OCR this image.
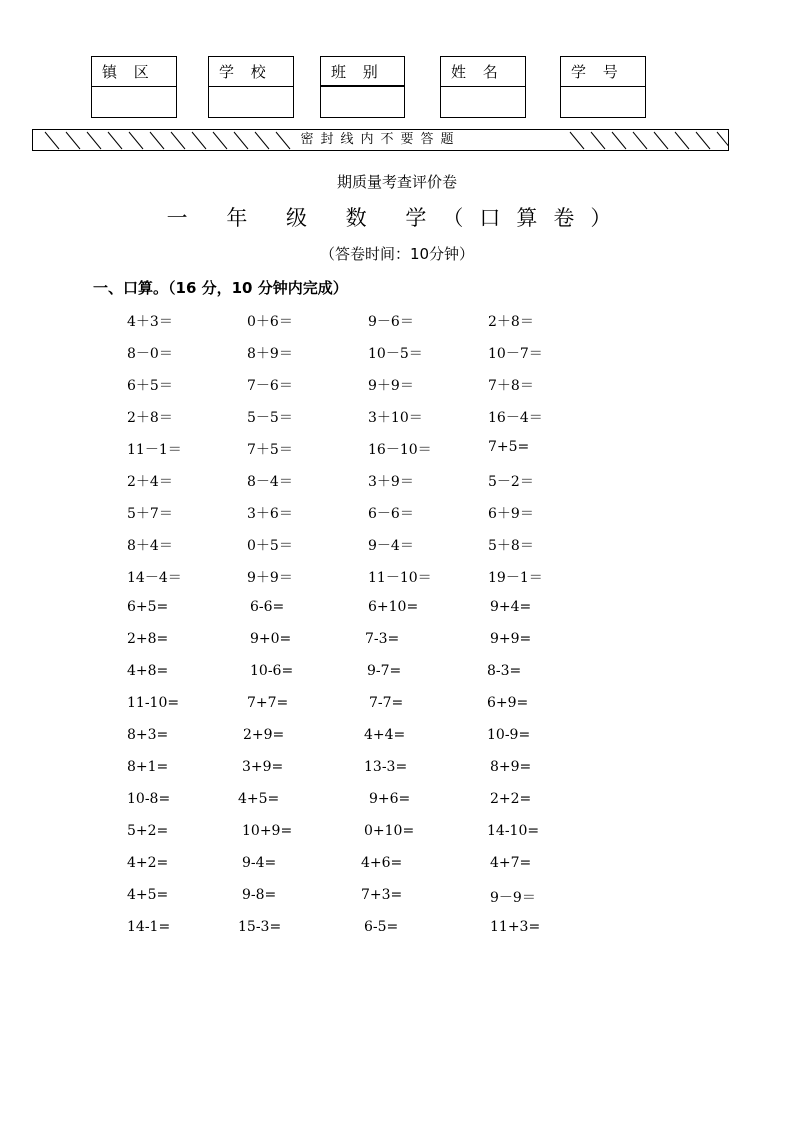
镇 区	学 校	班 别	姓 名	学 号
密封线内不要答题
期质量考查评价卷
一 年 级 数 学（口算卷）
（答卷时间：10分钟）
一、口算。（16 分，10 分钟内完成）
4＋3＝	0＋6＝	9－6＝	2＋8＝
8－0＝	8＋9＝	10－5＝	10－7＝
6＋5＝	7－6＝	9＋9＝	7＋8＝
2＋8＝	5－5＝	3＋10＝	16－4＝
11－1＝	7＋5＝	16－10＝	7+5=
2＋4＝	8－4＝	3＋9＝	5－2＝
5＋7＝	3＋6＝	6－6＝	6＋9＝
8＋4＝	0＋5＝	9－4＝	5＋8＝
14－4＝	9＋9＝	11－10＝	19－1＝
6+5=	6-6=	6+10=	9+4=
2+8=	9+0=	7-3=	9+9=
4+8=	10-6=	9-7=	8-3=
11-10=	7+7=	7-7=	6+9=
8+3=	2+9=	4+4=	10-9=
8+1=	3+9=	13-3=	8+9=
10-8=	4+5=	9+6=	2+2=
5+2=	10+9=	0+10=	14-10=
4+2=	9-4=	4+6=	4+7=
4+5=	9-8=	7+3=	9－9＝
14-1=	15-3=	6-5=	11+3=
